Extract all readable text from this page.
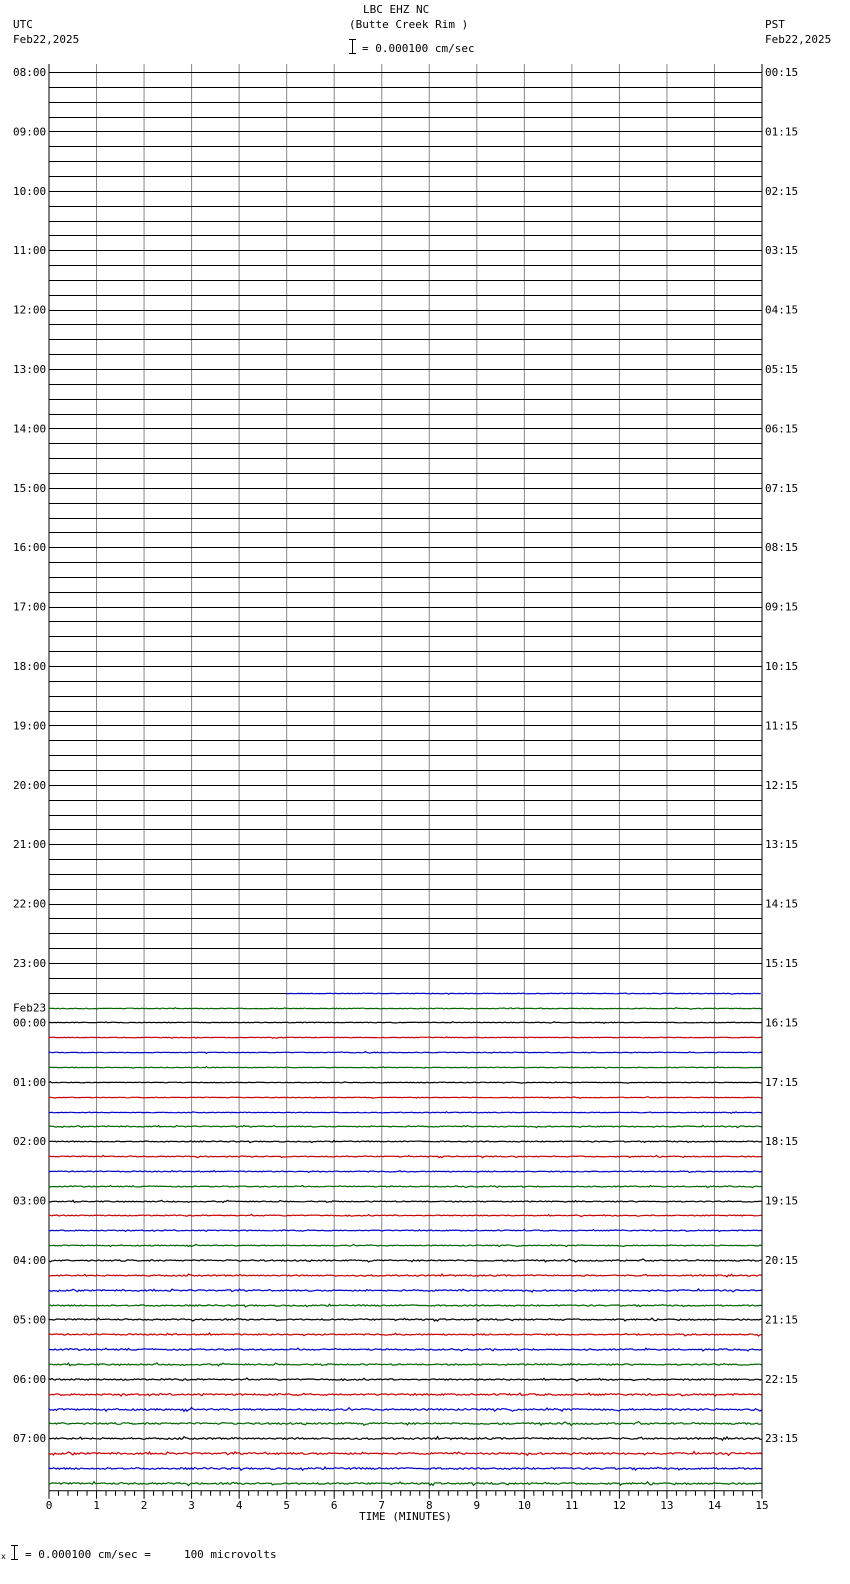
LBC EHZ NC
(Butte Creek Rim )
= 0.000100 cm/sec
UTC
Feb22,2025
PST
Feb22,2025
08:00	00:15
09:00	01:15
10:00	02:15
11:00	03:15
12:00	04:15
13:00	05:15
14:00	06:15
15:00	07:15
16:00	08:15
17:00	09:15
18:00	10:15
19:00	11:15
20:00	12:15
21:00	13:15
22:00	14:15
23:00	15:15
00:00	16:15
01:00	17:15
02:00	18:15
03:00	19:15
04:00	20:15
05:00	21:15
06:00	22:15
07:00	23:15
Feb23
0	1	2	3	4	5	6	7	8	9	10	11	12	13	14	15
TIME (MINUTES)
x = 0.000100 cm/sec =     100 microvolts
